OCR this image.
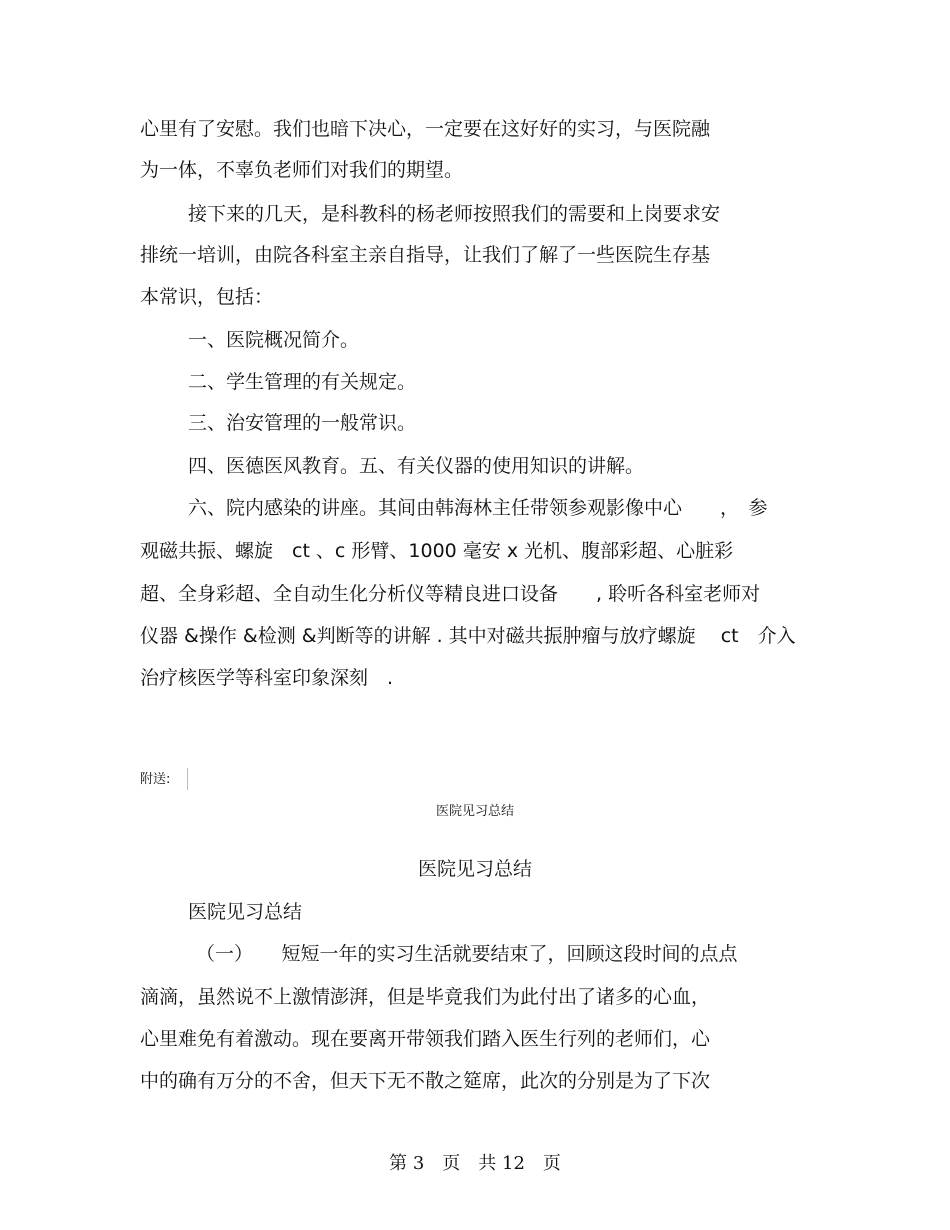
心里有了安慰。我们也暗下决心，一定要在这好好的实习，与医院融
为一体，不辜负老师们对我们的期望。
接下来的几天，是科教科的杨老师按照我们的需要和上岗要求安
排统一培训，由院各科室主亲自指导，让我们了解了一些医院生存基
本常识，包括：
一、医院概况简介。
二、学生管理的有关规定。
三、治安管理的一般常识。
四、医德医风教育。五、有关仪器的使用知识的讲解。
六、院内感染的讲座。其间由韩海林主任带领参观影像中心　　，　参
观磁共振、螺旋　ct 、c 形臂、1000 毫安 x 光机、腹部彩超、心脏彩
超、全身彩超、全自动生化分析仪等精良进口设备　　, 聆听各科室老师对
仪器 &操作 &检测 &判断等的讲解 . 其中对磁共振肿瘤与放疗螺旋　 ct　介入
治疗核医学等科室印象深刻　.
附送:
医院见习总结
医院见习总结
医院见习总结
（一）　　短短一年的实习生活就要结束了，回顾这段时间的点点
滴滴，虽然说不上激情澎湃，但是毕竟我们为此付出了诸多的心血，
心里难免有着激动。现在要离开带领我们踏入医生行列的老师们，心
中的确有万分的不舍，但天下无不散之筵席，此次的分别是为了下次
第 3　页　共 12　页
